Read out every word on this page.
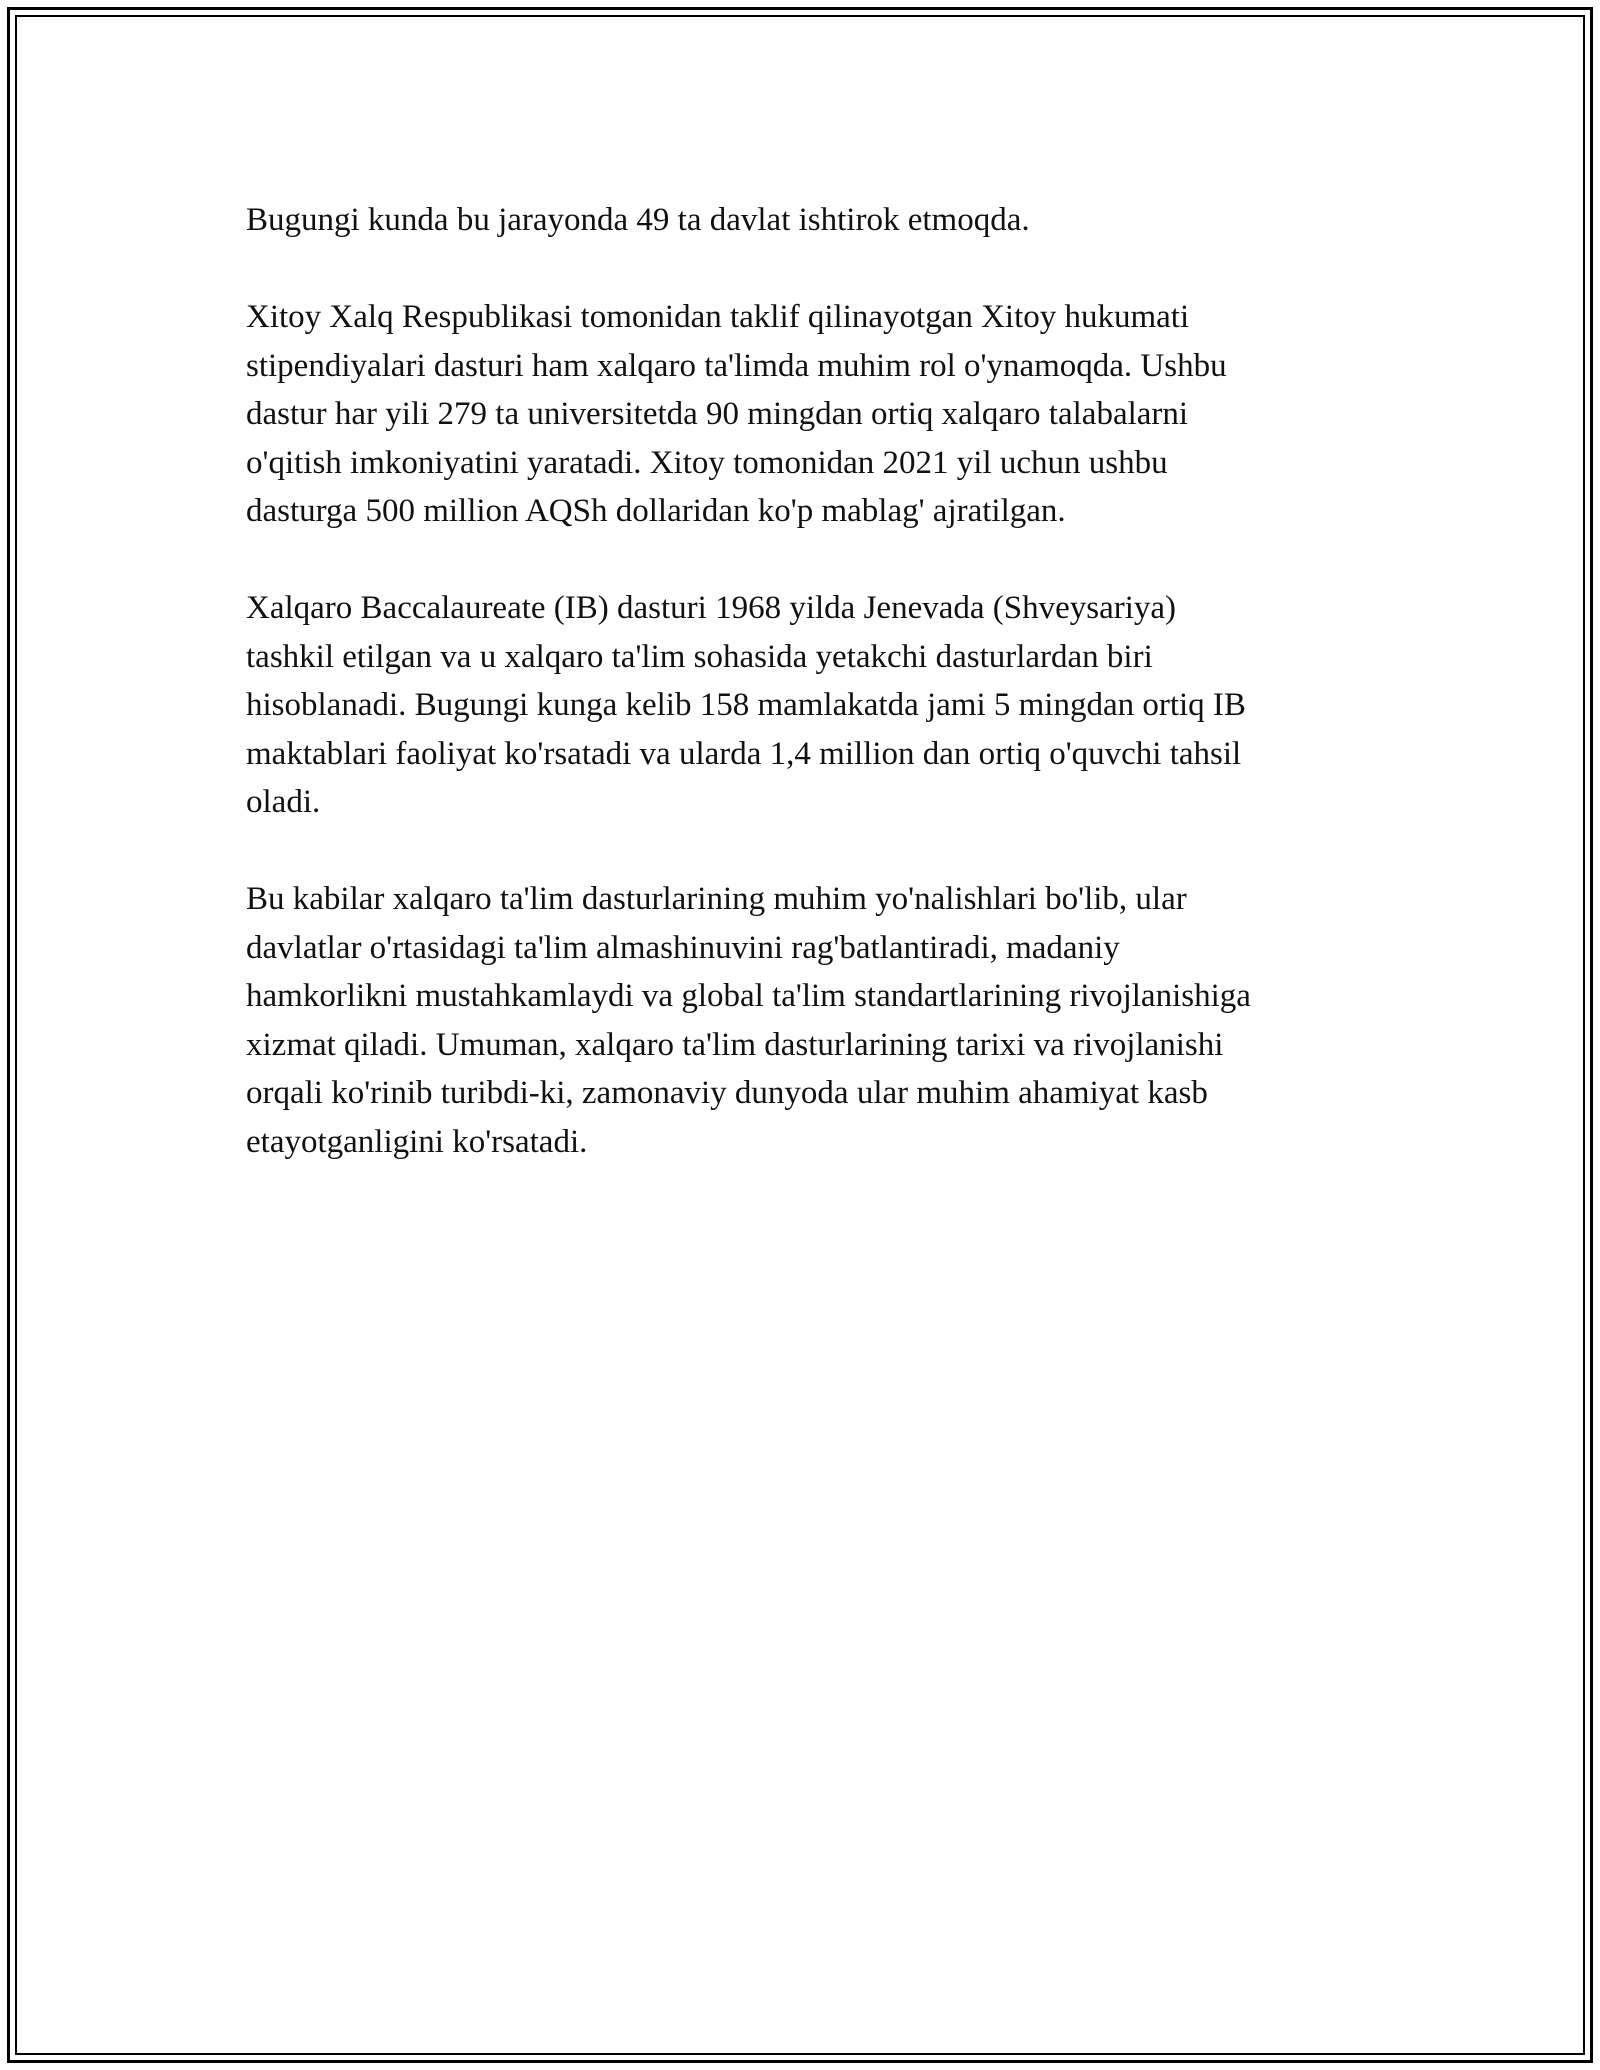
Bugungi kunda bu jarayonda 49 ta davlat ishtirok etmoqda.

Xitoy Xalq Respublikasi tomonidan taklif qilinayotgan Xitoy hukumati
stipendiyalari dasturi ham xalqaro ta'limda muhim rol o'ynamoqda. Ushbu
dastur har yili 279 ta universitetda 90 mingdan ortiq xalqaro talabalarni
o'qitish imkoniyatini yaratadi. Xitoy tomonidan 2021 yil uchun ushbu
dasturga 500 million AQSh dollaridan ko'p mablag' ajratilgan.

Xalqaro Baccalaureate (IB) dasturi 1968 yilda Jenevada (Shveysariya)
tashkil etilgan va u xalqaro ta'lim sohasida yetakchi dasturlardan biri
hisoblanadi. Bugungi kunga kelib 158 mamlakatda jami 5 mingdan ortiq IB
maktablari faoliyat ko'rsatadi va ularda 1,4 million dan ortiq o'quvchi tahsil
oladi.

Bu kabilar xalqaro ta'lim dasturlarining muhim yo'nalishlari bo'lib, ular
davlatlar o'rtasidagi ta'lim almashinuvini rag'batlantiradi, madaniy
hamkorlikni mustahkamlaydi va global ta'lim standartlarining rivojlanishiga
xizmat qiladi. Umuman, xalqaro ta'lim dasturlarining tarixi va rivojlanishi
orqali ko'rinib turibdi-ki, zamonaviy dunyoda ular muhim ahamiyat kasb
etayotganligini ko'rsatadi.
